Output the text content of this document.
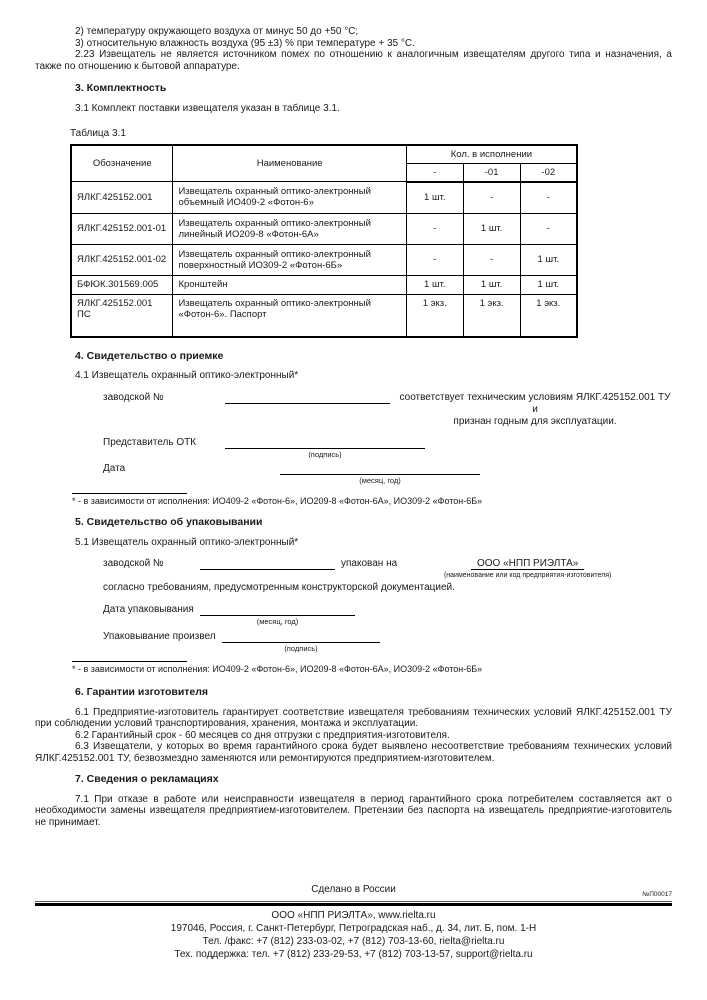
2) температуру окружающего воздуха от минус 50 до +50 °С;
3) относительную влажность воздуха (95 ±3) % при температуре + 35 °С.
2.23 Извещатель не является источником помех по отношению к аналогичным извещателям другого типа и назначения, а также по отношению к бытовой аппаратуре.
3. Комплектность
3.1 Комплект поставки извещателя указан в таблице 3.1.
Таблица 3.1
Обозначение	Наименование	Кол. в исполнении		
		-	-01	-02
ЯЛКГ.425152.001	Извещатель охранный оптико-электронный объемный ИО409-2 «Фотон-6»	1 шт.	-	-
ЯЛКГ.425152.001-01	Извещатель охранный оптико-электронный линейный ИО209-8 «Фотон-6А»	-	1 шт.	-
ЯЛКГ.425152.001-02	Извещатель охранный оптико-электронный поверхностный ИО309-2 «Фотон-6Б»	-	-	1 шт.
БФЮК.301569.005	Кронштейн	1 шт.	1 шт.	1 шт.
ЯЛКГ.425152.001 ПС	Извещатель охранный оптико-электронный «Фотон-6». Паспорт	1 экз.	1 экз.	1 экз.
4. Свидетельство о приемке
4.1 Извещатель охранный оптико-электронный*
заводской №	соответствует техническим условиям ЯЛКГ.425152.001 ТУ и
признан годным для эксплуатации.
Представитель ОТК
(подпись)
Дата
(месяц, год)
* - в зависимости от исполнения: ИО409-2 «Фотон-6», ИО209-8 «Фотон-6А», ИО309-2 «Фотон-6Б»
5. Свидетельство об упаковывании
5.1 Извещатель охранный оптико-электронный*
заводской №	упакован на	ООО «НПП РИЭЛТА»
(наименование или код предприятия-изготовителя)
согласно требованиям, предусмотренным конструкторской документацией.
Дата упаковывания
(месяц, год)
Упаковывание произвел
(подпись)
* - в зависимости от исполнения: ИО409-2 «Фотон-6», ИО209-8 «Фотон-6А», ИО309-2 «Фотон-6Б»
6. Гарантии изготовителя
6.1 Предприятие-изготовитель гарантирует соответствие извещателя требованиям технических условий ЯЛКГ.425152.001 ТУ при соблюдении условий транспортирования, хранения, монтажа и эксплуатации.
6.2 Гарантийный срок - 60 месяцев со дня отгрузки с предприятия-изготовителя.
6.3 Извещатели, у которых во время гарантийного срока будет выявлено несоответствие требованиям технических условий ЯЛКГ.425152.001 ТУ, безвозмездно заменяются или ремонтируются предприятием-изготовителем.
7. Сведения о рекламациях
7.1 При отказе в работе или неисправности извещателя в период гарантийного срока потребителем составляется акт о необходимости замены извещателя предприятием-изготовителем. Претензии без паспорта на извещатель предприятие-изготовитель не принимает.
Сделано в России	№П00017
ООО «НПП РИЭЛТА», www.rielta.ru
197046, Россия, г. Санкт-Петербург, Петроградская наб., д. 34, лит. Б, пом. 1-Н
Тел. /факс: +7 (812) 233-03-02, +7 (812) 703-13-60, rielta@rielta.ru
Тех. поддержка: тел. +7 (812) 233-29-53, +7 (812) 703-13-57, support@rielta.ru
